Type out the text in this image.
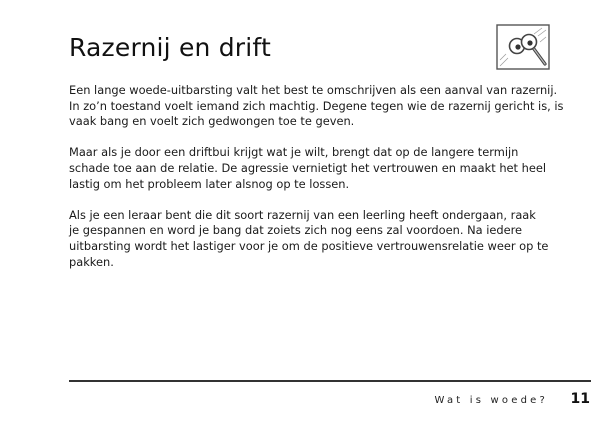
Razernij en drift

Een lange woede-uitbarsting valt het best te omschrijven als een aanval van razernij.
In zo’n toestand voelt iemand zich machtig. Degene tegen wie de razernij gericht is, is
vaak bang en voelt zich gedwongen toe te geven.

Maar als je door een driftbui krijgt wat je wilt, brengt dat op de langere termijn
schade toe aan de relatie. De agressie vernietigt het vertrouwen en maakt het heel
lastig om het probleem later alsnog op te lossen.

Als je een leraar bent die dit soort razernij van een leerling heeft ondergaan, raak
je gespannen en word je bang dat zoiets zich nog eens zal voordoen. Na iedere
uitbarsting wordt het lastiger voor je om de positieve vertrouwensrelatie weer op te
pakken.

Wat is woede? 11
